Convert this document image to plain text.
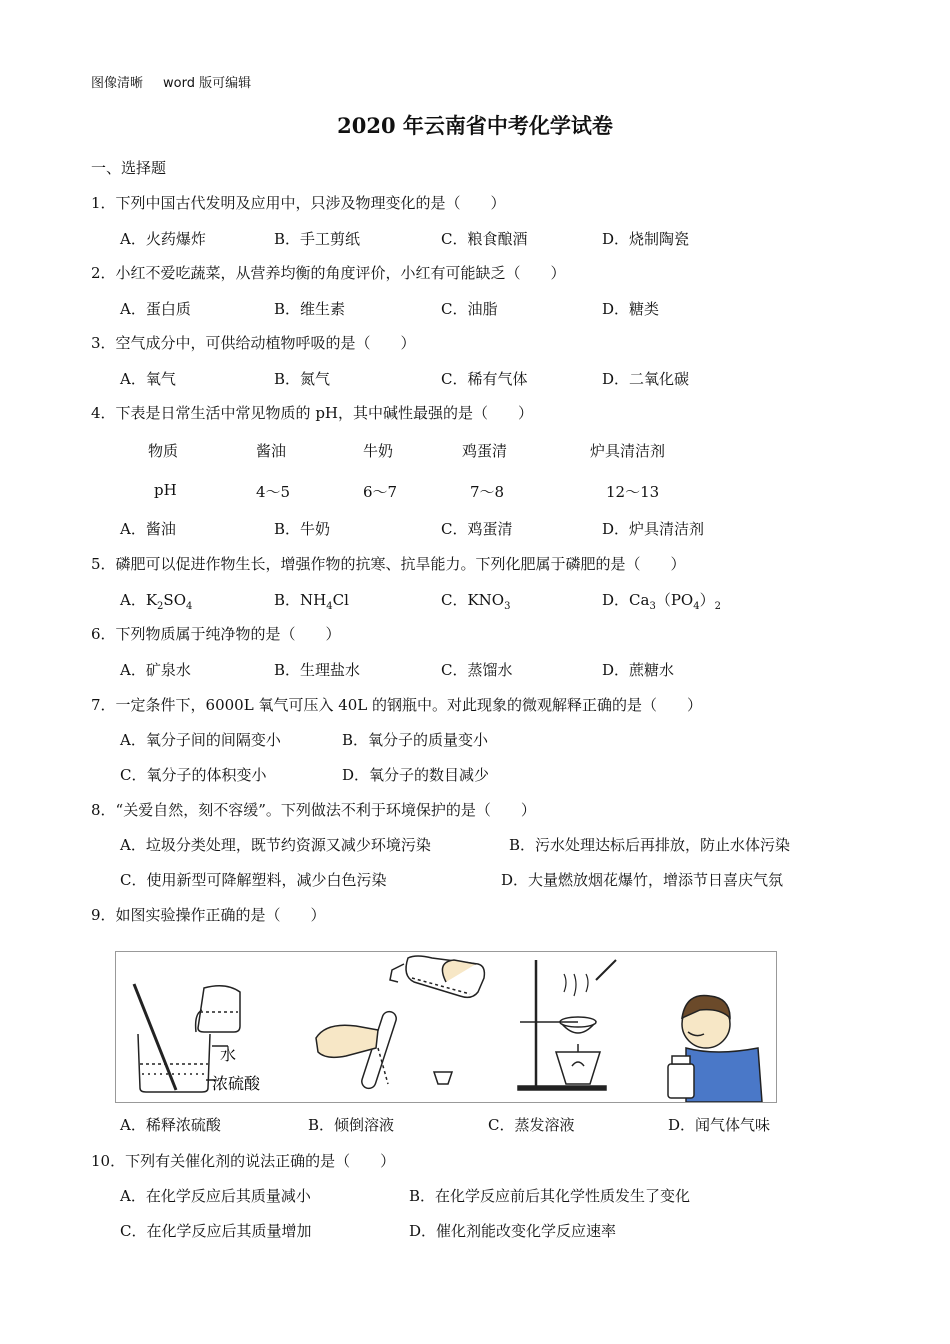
图像清晰 word 版可编辑
2020 年云南省中考化学试卷
一、选择题
1．下列中国古代发明及应用中，只涉及物理变化的是（　　）
A．火药爆炸	B．手工剪纸	C．粮食酿酒	D．烧制陶瓷
2．小红不爱吃蔬菜，从营养均衡的角度评价，小红有可能缺乏（　　）
A．蛋白质	B．维生素	C．油脂	D．糖类
3．空气成分中，可供给动植物呼吸的是（　　）
A．氧气	B．氮气	C．稀有气体	D．二氧化碳
4．下表是日常生活中常见物质的 pH，其中碱性最强的是（　　）
物质	酱油	牛奶	鸡蛋清	炉具清洁剂
pH	4～5	6～7	7～8	12～13
A．酱油	B．牛奶	C．鸡蛋清	D．炉具清洁剂
5．磷肥可以促进作物生长，增强作物的抗寒、抗旱能力。下列化肥属于磷肥的是（　　）
A．$K_2SO_4$	B．$NH_4Cl$	C．$KNO_3$	D．$Ca_3(PO_4)_2$
6．下列物质属于纯净物的是（　　）
A．矿泉水	B．生理盐水	C．蒸馏水	D．蔗糖水
7．一定条件下，6000L 氧气可压入 40L 的钢瓶中。对此现象的微观解释正确的是（　　）
A．氧分子间的间隔变小	B．氧分子的质量变小
C．氧分子的体积变小	D．氧分子的数目减少
8．“关爱自然，刻不容缓”。下列做法不利于环境保护的是（　　）
A．垃圾分类处理，既节约资源又减少环境污染	B．污水处理达标后再排放，防止水体污染
C．使用新型可降解塑料，减少白色污染	D．大量燃放烟花爆竹，增添节日喜庆气氛
9．如图实验操作正确的是（　　）
水
浓硫酸
A．稀释浓硫酸	B．倾倒溶液	C．蒸发溶液	D．闻气体气味
10．下列有关催化剂的说法正确的是（　　）
A．在化学反应后其质量减小	B．在化学反应前后其化学性质发生了变化
C．在化学反应后其质量增加	D．催化剂能改变化学反应速率
